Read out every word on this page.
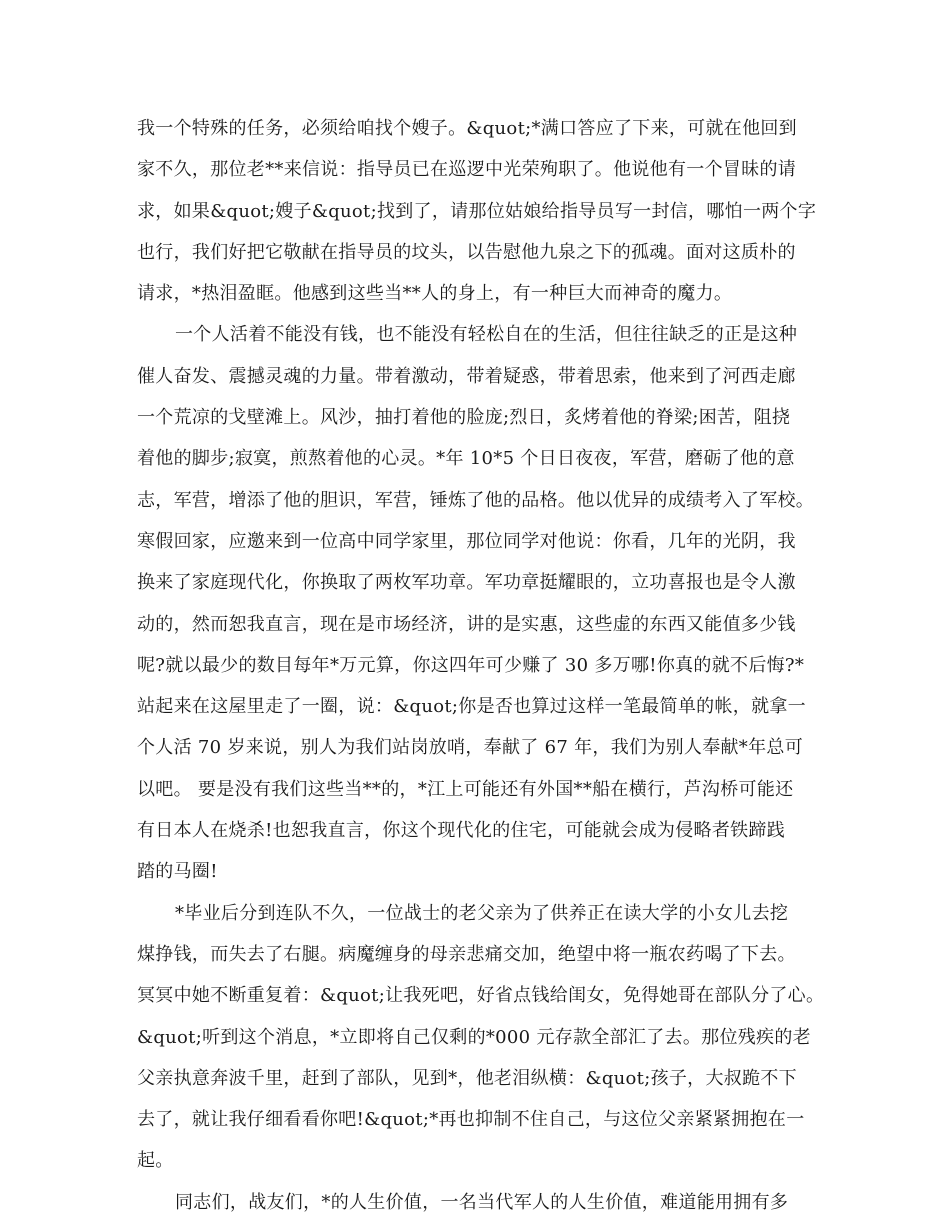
我一个特殊的任务，必须给咱找个嫂子。&quot;*满口答应了下来，可就在他回到
家不久，那位老**来信说：指导员已在巡逻中光荣殉职了。他说他有一个冒昧的请
求，如果&quot;嫂子&quot;找到了，请那位姑娘给指导员写一封信，哪怕一两个字
也行，我们好把它敬献在指导员的坟头，以告慰他九泉之下的孤魂。面对这质朴的
请求，*热泪盈眶。他感到这些当**人的身上，有一种巨大而神奇的魔力。
一个人活着不能没有钱，也不能没有轻松自在的生活，但往往缺乏的正是这种
催人奋发、震撼灵魂的力量。带着激动，带着疑惑，带着思索，他来到了河西走廊
一个荒凉的戈壁滩上。风沙，抽打着他的脸庞;烈日，炙烤着他的脊梁;困苦，阻挠
着他的脚步;寂寞，煎熬着他的心灵。*年 10*5 个日日夜夜，军营，磨砺了他的意
志，军营，增添了他的胆识，军营，锤炼了他的品格。他以优异的成绩考入了军校。
寒假回家，应邀来到一位高中同学家里，那位同学对他说：你看，几年的光阴，我
换来了家庭现代化，你换取了两枚军功章。军功章挺耀眼的，立功喜报也是令人激
动的，然而恕我直言，现在是市场经济，讲的是实惠，这些虚的东西又能值多少钱
呢?就以最少的数目每年*万元算，你这四年可少赚了 30 多万哪!你真的就不后悔?*
站起来在这屋里走了一圈，说：&quot;你是否也算过这样一笔最简单的帐，就拿一
个人活 70 岁来说，别人为我们站岗放哨，奉献了 67 年，我们为别人奉献*年总可
以吧。 要是没有我们这些当**的，*江上可能还有外国**船在横行，芦沟桥可能还
有日本人在烧杀!也恕我直言，你这个现代化的住宅，可能就会成为侵略者铁蹄践
踏的马圈!
*毕业后分到连队不久，一位战士的老父亲为了供养正在读大学的小女儿去挖
煤挣钱，而失去了右腿。病魔缠身的母亲悲痛交加，绝望中将一瓶农药喝了下去。
冥冥中她不断重复着：&quot;让我死吧，好省点钱给闺女，免得她哥在部队分了心。
&quot;听到这个消息，*立即将自己仅剩的*000 元存款全部汇了去。那位残疾的老
父亲执意奔波千里，赶到了部队，见到*，他老泪纵横：&quot;孩子，大叔跪不下
去了，就让我仔细看看你吧!&quot;*再也抑制不住自己，与这位父亲紧紧拥抱在一
起。
同志们，战友们，*的人生价值，一名当代军人的人生价值，难道能用拥有多
